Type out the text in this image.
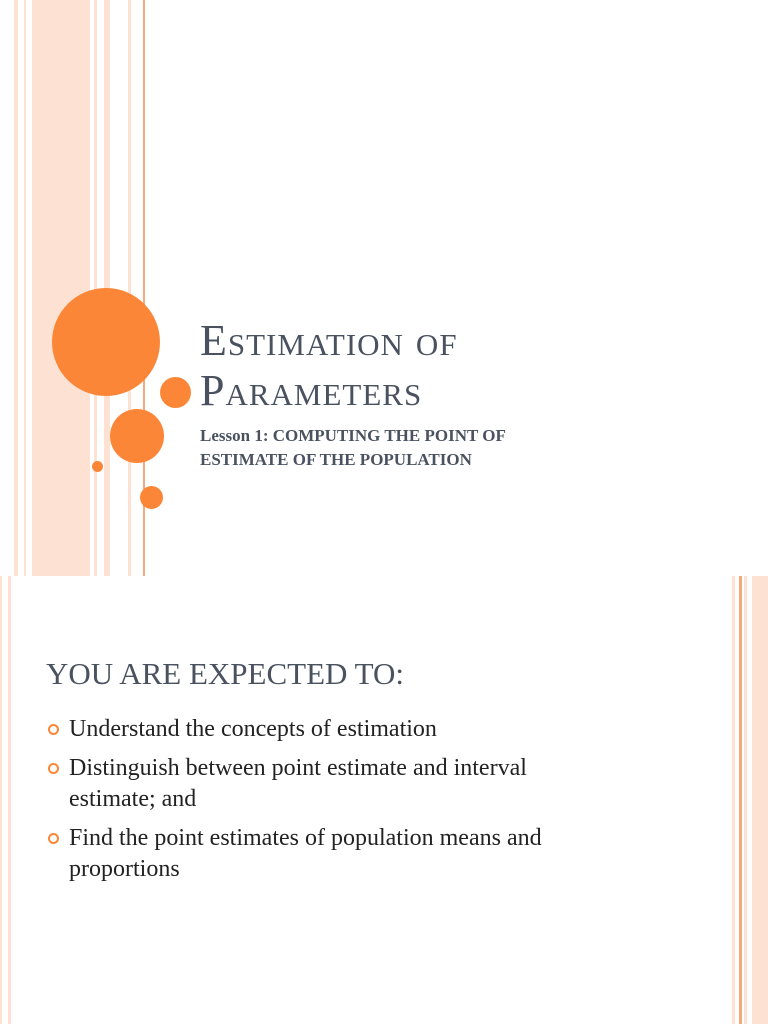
Estimation of
Parameters

Lesson 1: COMPUTING THE POINT OF
ESTIMATE OF THE POPULATION

YOU ARE EXPECTED TO:
Understand the concepts of estimation
Distinguish between point estimate and interval
estimate; and
Find the point estimates of population means and
proportions
